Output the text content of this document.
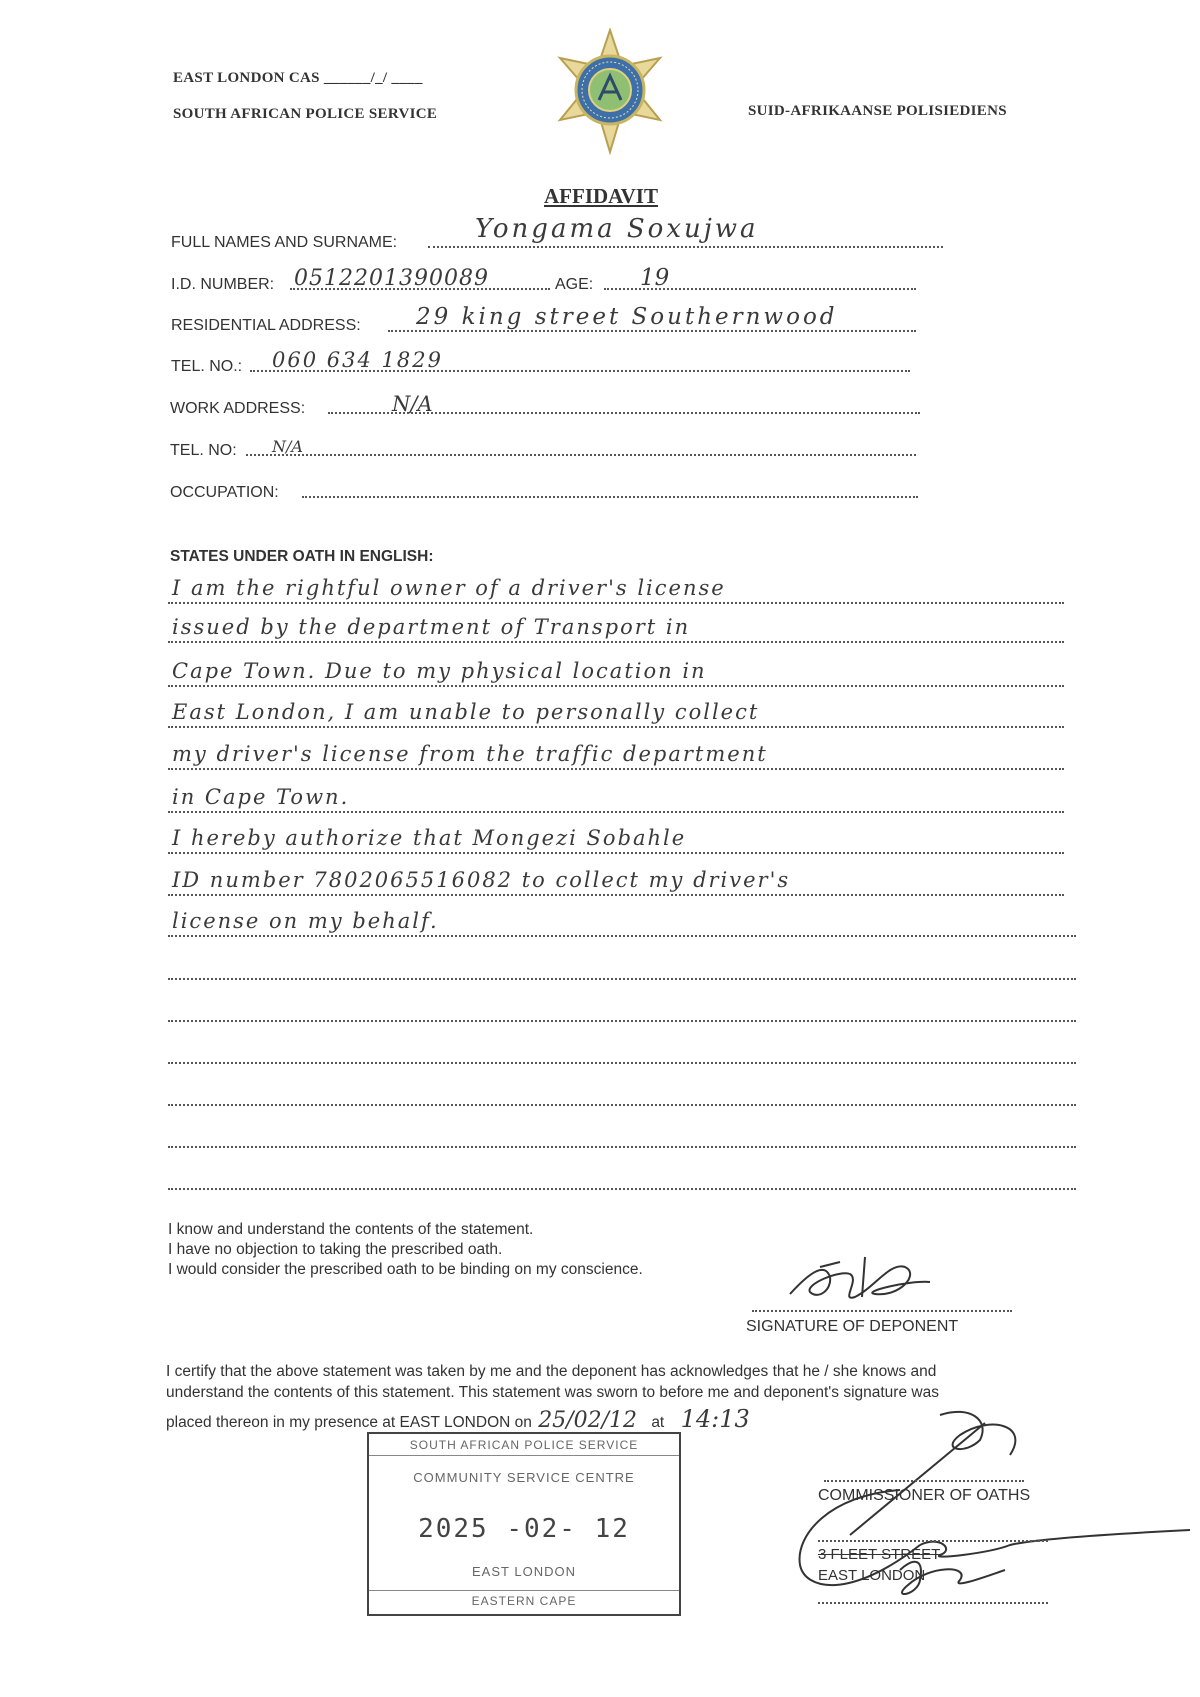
EAST LONDON CAS ______/_/ ____
SOUTH AFRICAN POLICE SERVICE	SUID-AFRIKAANSE POLISIEDIENS
AFFIDAVIT
FULL NAMES AND SURNAME:	Yongama Soxujwa
I.D. NUMBER: 0512201390089	AGE: 19
RESIDENTIAL ADDRESS: 29 king street Southernwood
TEL. NO.: 060 634 1829
WORK ADDRESS:	N/A
TEL. NO: N/A
OCCUPATION:
STATES UNDER OATH IN ENGLISH:
I am the rightful owner of a driver's license
issued by the department of Transport in
Cape Town. Due to my physical location in
East London, I am unable to personally collect
my driver's license from the traffic department
in Cape Town.
I hereby authorize that Mongezi Sobahle
ID number 7802065516082 to collect my driver's
license on my behalf.
I know and understand the contents of the statement.
I have no objection to taking the prescribed oath.
I would consider the prescribed oath to be binding on my conscience.
SIGNATURE OF DEPONENT
I certify that the above statement was taken by me and the deponent has acknowledges that he / she knows and
understand the contents of this statement. This statement was sworn to before me and deponent's signature was
placed thereon in my presence at EAST LONDON on 25/02/12 at 14:13
SOUTH AFRICAN POLICE SERVICE
COMMUNITY SERVICE CENTRE
2025 -02- 12
EAST LONDON
EASTERN CAPE
COMMISSIONER OF OATHS
3 FLEET STREET
EAST LONDON
